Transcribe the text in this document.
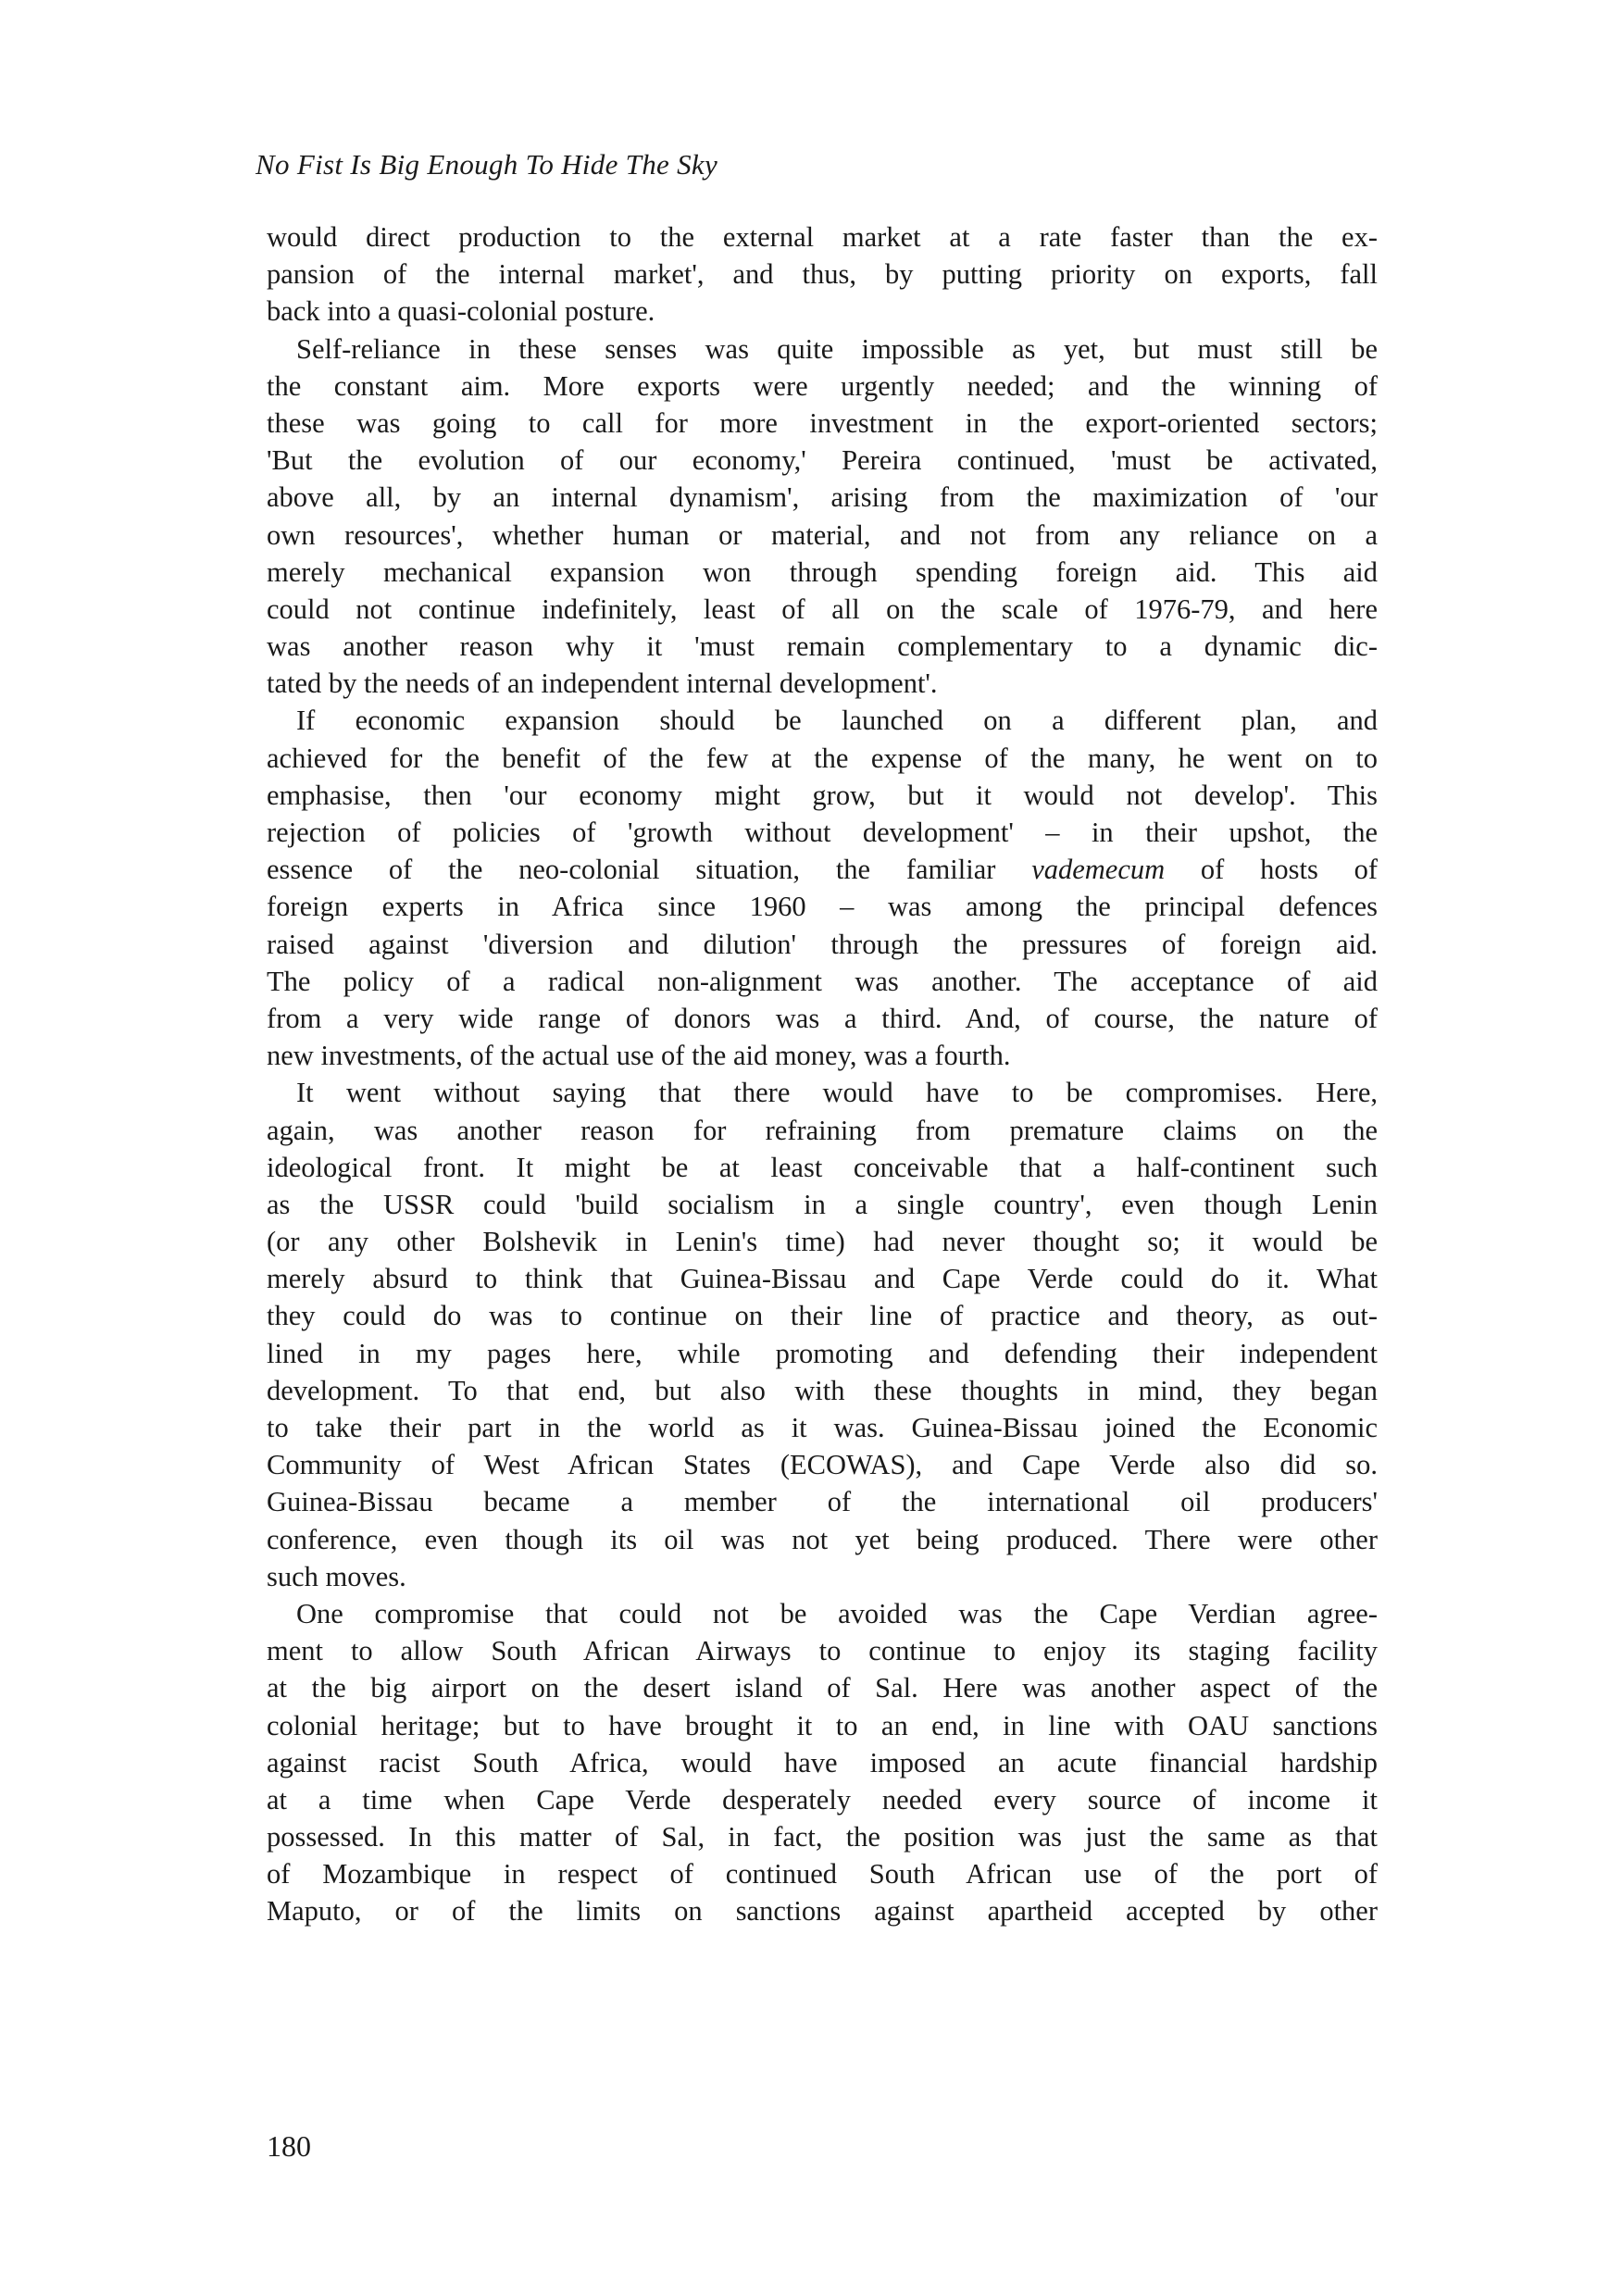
No Fist Is Big Enough To Hide The Sky
would direct production to the external market at a rate faster than the ex-
pansion of the internal market', and thus, by putting priority on exports, fall
back into a quasi-colonial posture.
Self-reliance in these senses was quite impossible as yet, but must still be
the constant aim. More exports were urgently needed; and the winning of
these was going to call for more investment in the export-oriented sectors;
'But the evolution of our economy,' Pereira continued, 'must be activated,
above all, by an internal dynamism', arising from the maximization of 'our
own resources', whether human or material, and not from any reliance on a
merely mechanical expansion won through spending foreign aid. This aid
could not continue indefinitely, least of all on the scale of 1976-79, and here
was another reason why it 'must remain complementary to a dynamic dic-
tated by the needs of an independent internal development'.
If economic expansion should be launched on a different plan, and
achieved for the benefit of the few at the expense of the many, he went on to
emphasise, then 'our economy might grow, but it would not develop'. This
rejection of policies of 'growth without development' – in their upshot, the
essence of the neo-colonial situation, the familiar vademecum of hosts of
foreign experts in Africa since 1960 – was among the principal defences
raised against 'diversion and dilution' through the pressures of foreign aid.
The policy of a radical non-alignment was another. The acceptance of aid
from a very wide range of donors was a third. And, of course, the nature of
new investments, of the actual use of the aid money, was a fourth.
It went without saying that there would have to be compromises. Here,
again, was another reason for refraining from premature claims on the
ideological front. It might be at least conceivable that a half-continent such
as the USSR could 'build socialism in a single country', even though Lenin
(or any other Bolshevik in Lenin's time) had never thought so; it would be
merely absurd to think that Guinea-Bissau and Cape Verde could do it. What
they could do was to continue on their line of practice and theory, as out-
lined in my pages here, while promoting and defending their independent
development. To that end, but also with these thoughts in mind, they began
to take their part in the world as it was. Guinea-Bissau joined the Economic
Community of West African States (ECOWAS), and Cape Verde also did so.
Guinea-Bissau became a member of the international oil producers'
conference, even though its oil was not yet being produced. There were other
such moves.
One compromise that could not be avoided was the Cape Verdian agree-
ment to allow South African Airways to continue to enjoy its staging facility
at the big airport on the desert island of Sal. Here was another aspect of the
colonial heritage; but to have brought it to an end, in line with OAU sanctions
against racist South Africa, would have imposed an acute financial hardship
at a time when Cape Verde desperately needed every source of income it
possessed. In this matter of Sal, in fact, the position was just the same as that
of Mozambique in respect of continued South African use of the port of
Maputo, or of the limits on sanctions against apartheid accepted by other
180
